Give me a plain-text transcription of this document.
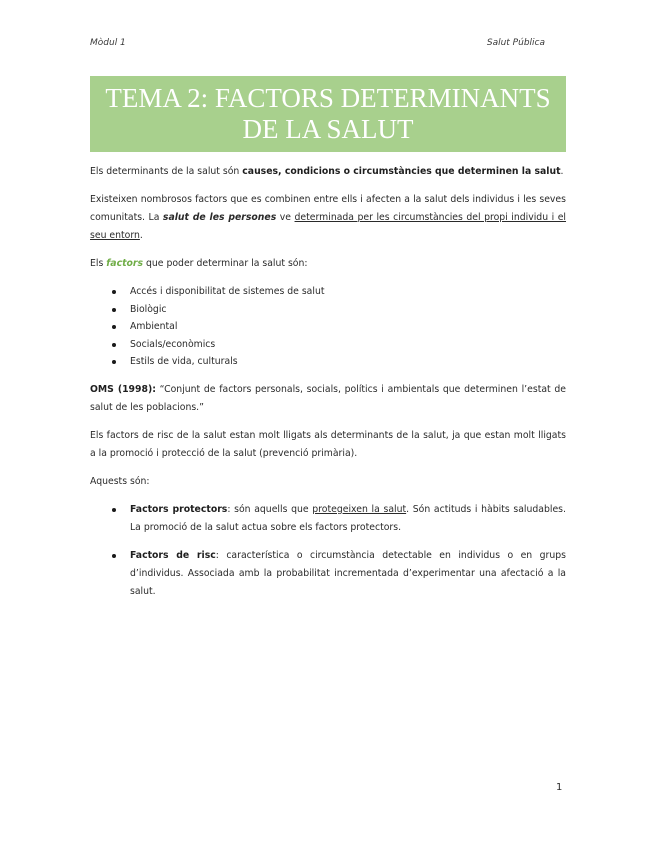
Mòdul 1	Salut Pública
TEMA 2: FACTORS DETERMINANTS
DE LA SALUT

Els determinants de la salut són causes, condicions o circumstàncies que determinen la salut.

Existeixen nombrosos factors que es combinen entre ells i afecten a la salut dels individus i les seves comunitats. La salut de les persones ve determinada per les circumstàncies del propi individu i el seu entorn.

Els factors que poder determinar la salut són:

Accés i disponibilitat de sistemes de salut
Biològic
Ambiental
Socials/econòmics
Estils de vida, culturals

OMS (1998): “Conjunt de factors personals, socials, polítics i ambientals que determinen l’estat de salut de les poblacions.”

Els factors de risc de la salut estan molt lligats als determinants de la salut, ja que estan molt lligats a la promoció i protecció de la salut (prevenció primària).

Aquests són:

Factors protectors: són aquells que protegeixen la salut. Són actituds i hàbits saludables. La promoció de la salut actua sobre els factors protectors.
Factors de risc: característica o circumstància detectable en individus o en grups d’individus. Associada amb la probabilitat incrementada d’experimentar una afectació a la salut.
1
